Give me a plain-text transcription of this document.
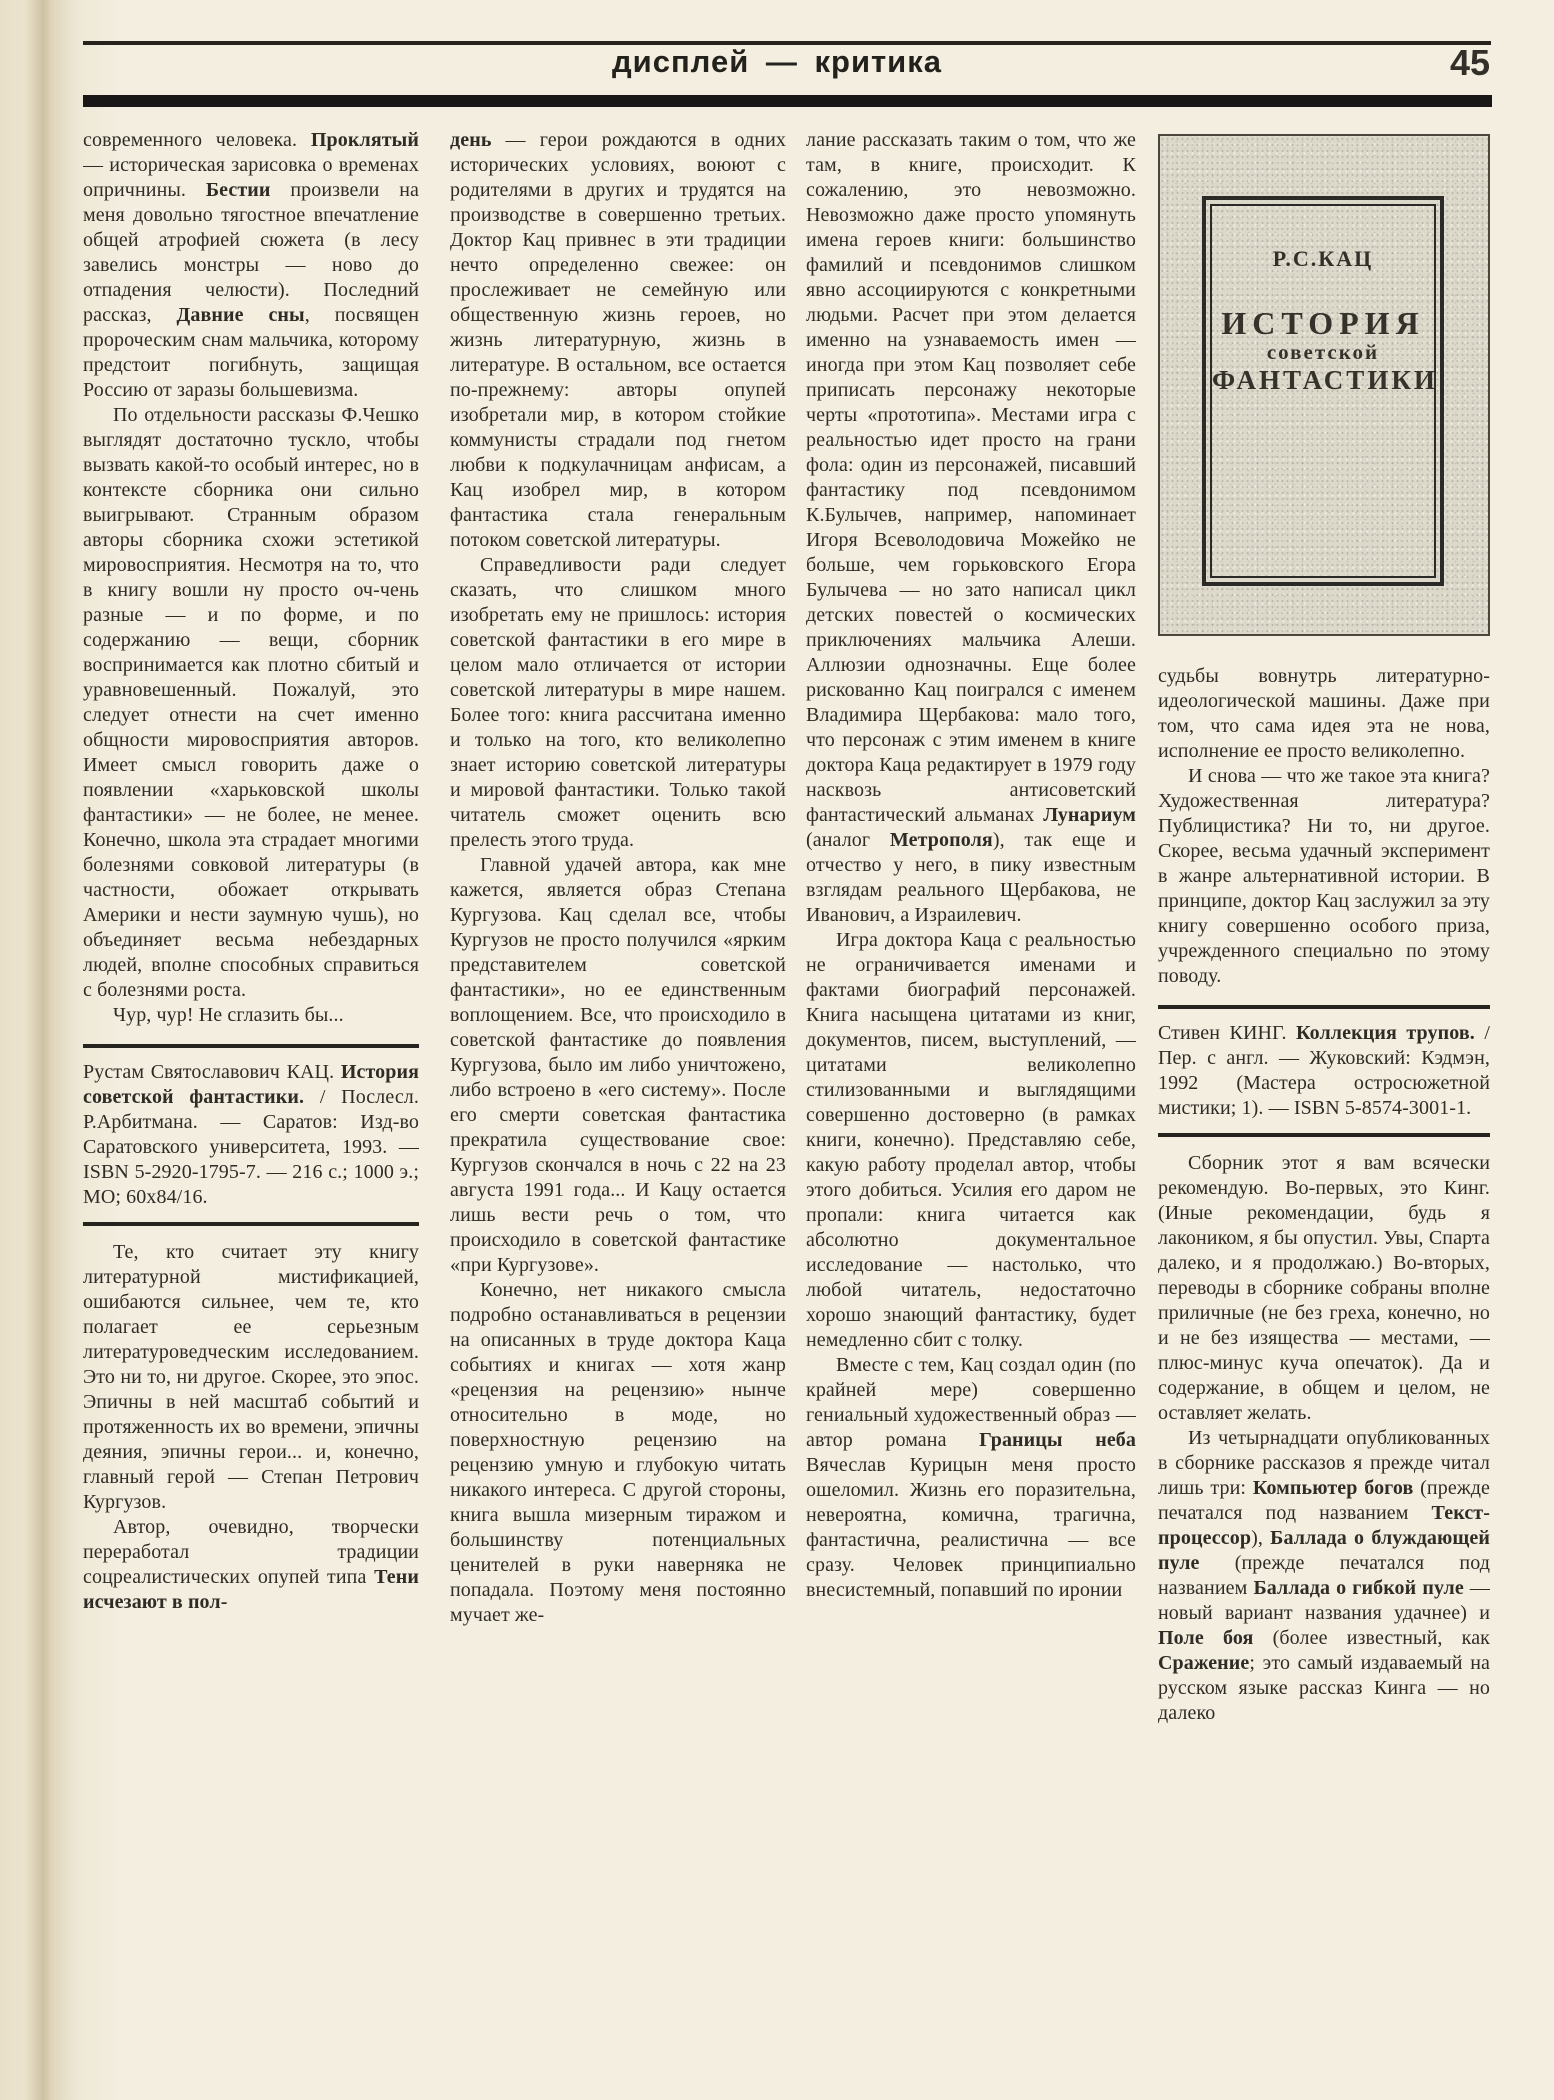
дисплей — критика	45

современного человека. Проклятый — историческая зарисовка о временах опричнины. Бестии произвели на меня довольно тягостное впечатление общей атрофией сюжета (в лесу завелись монстры — ново до отпадения челюсти). Последний рассказ, Давние сны, посвящен пророческим снам мальчика, которому предстоит погибнуть, защищая Россию от заразы большевизма.

По отдельности рассказы Ф.Чешко выглядят достаточно тускло, чтобы вызвать какой-то особый интерес, но в контексте сборника они сильно выигрывают. Странным образом авторы сборника схожи эстетикой мировосприятия. Несмотря на то, что в книгу вошли ну просто оч-чень разные — и по форме, и по содержанию — вещи, сборник воспринимается как плотно сбитый и уравновешенный. Пожалуй, это следует отнести на счет именно общности мировосприятия авторов. Имеет смысл говорить даже о появлении «харьковской школы фантастики» — не более, не менее. Конечно, школа эта страдает многими болезнями совковой литературы (в частности, обожает открывать Америки и нести заумную чушь), но объединяет весьма небездарных людей, вполне способных справиться с болезнями роста.

Чур, чур! Не сглазить бы...

Рустам Святославович КАЦ. История советской фантастики. / Послесл. Р.Арбитмана. — Саратов: Изд-во Саратовского университета, 1993. — ISBN 5-2920-1795-7. — 216 с.; 1000 э.; МО; 60х84/16.

Те, кто считает эту книгу литературной мистификацией, ошибаются сильнее, чем те, кто полагает ее серьезным литературоведческим исследованием. Это ни то, ни другое. Скорее, это эпос. Эпичны в ней масштаб событий и протяженность их во времени, эпичны деяния, эпичны герои... и, конечно, главный герой — Степан Петрович Кургузов.

Автор, очевидно, творчески переработал традиции соцреалистических опупей типа Тени исчезают в пол-

день — герои рождаются в одних исторических условиях, воюют с родителями в других и трудятся на производстве в совершенно третьих. Доктор Кац привнес в эти традиции нечто определенно свежее: он прослеживает не семейную или общественную жизнь героев, но жизнь литературную, жизнь в литературе. В остальном, все остается по-прежнему: авторы опупей изобретали мир, в котором стойкие коммунисты страдали под гнетом любви к подкулачницам анфисам, а Кац изобрел мир, в котором фантастика стала генеральным потоком советской литературы.

Справедливости ради следует сказать, что слишком много изобретать ему не пришлось: история советской фантастики в его мире в целом мало отличается от истории советской литературы в мире нашем. Более того: книга рассчитана именно и только на того, кто великолепно знает историю советской литературы и мировой фантастики. Только такой читатель сможет оценить всю прелесть этого труда.

Главной удачей автора, как мне кажется, является образ Степана Кургузова. Кац сделал все, чтобы Кургузов не просто получился «ярким представителем советской фантастики», но ее единственным воплощением. Все, что происходило в советской фантастике до появления Кургузова, было им либо уничтожено, либо встроено в «его систему». После его смерти советская фантастика прекратила существование свое: Кургузов скончался в ночь с 22 на 23 августа 1991 года... И Кацу остается лишь вести речь о том, что происходило в советской фантастике «при Кургузове».

Конечно, нет никакого смысла подробно останавливаться в рецензии на описанных в труде доктора Каца событиях и книгах — хотя жанр «рецензия на рецензию» нынче относительно в моде, но поверхностную рецензию на рецензию умную и глубокую читать никакого интереса. С другой стороны, книга вышла мизерным тиражом и большинству потенциальных ценителей в руки наверняка не попадала. Поэтому меня постоянно мучает же-

лание рассказать таким о том, что же там, в книге, происходит. К сожалению, это невозможно. Невозможно даже просто упомянуть имена героев книги: большинство фамилий и псевдонимов слишком явно ассоциируются с конкретными людьми. Расчет при этом делается именно на узнаваемость имен — иногда при этом Кац позволяет себе приписать персонажу некоторые черты «прототипа». Местами игра с реальностью идет просто на грани фола: один из персонажей, писавший фантастику под псевдонимом К.Булычев, например, напоминает Игоря Всеволодовича Можейко не больше, чем горьковского Егора Булычева — но зато написал цикл детских повестей о космических приключениях мальчика Алеши. Аллюзии однозначны. Еще более рискованно Кац поигрался с именем Владимира Щербакова: мало того, что персонаж с этим именем в книге доктора Каца редактирует в 1979 году насквозь антисоветский фантастический альманах Лунариум (аналог Метрополя), так еще и отчество у него, в пику известным взглядам реального Щербакова, не Иванович, а Израилевич.

Игра доктора Каца с реальностью не ограничивается именами и фактами биографий персонажей. Книга насыщена цитатами из книг, документов, писем, выступлений, — цитатами великолепно стилизованными и выглядящими совершенно достоверно (в рамках книги, конечно). Представляю себе, какую работу проделал автор, чтобы этого добиться. Усилия его даром не пропали: книга читается как абсолютно документальное исследование — настолько, что любой читатель, недостаточно хорошо знающий фантастику, будет немедленно сбит с толку.

Вместе с тем, Кац создал один (по крайней мере) совершенно гениальный художественный образ — автор романа Границы неба Вячеслав Курицын меня просто ошеломил. Жизнь его поразительна, невероятна, комична, трагична, фантастична, реалистична — все сразу. Человек принципиально внесистемный, попавший по иронии

Р.С.КАЦ
ИСТОРИЯ
советской
ФАНТАСТИКИ

судьбы вовнутрь литературно-идеологической машины. Даже при том, что сама идея эта не нова, исполнение ее просто великолепно.

И снова — что же такое эта книга? Художественная литература? Публицистика? Ни то, ни другое. Скорее, весьма удачный эксперимент в жанре альтернативной истории. В принципе, доктор Кац заслужил за эту книгу совершенно особого приза, учрежденного специально по этому поводу.

Стивен КИНГ. Коллекция трупов. / Пер. с англ. — Жуковский: Кэдмэн, 1992 (Мастера остросюжетной мистики; 1). — ISBN 5-8574-3001-1.

Сборник этот я вам всячески рекомендую. Во-первых, это Кинг. (Иные рекомендации, будь я лакоником, я бы опустил. Увы, Спарта далеко, и я продолжаю.) Во-вторых, переводы в сборнике собраны вполне приличные (не без греха, конечно, но и не без изящества — местами, — плюс-минус куча опечаток). Да и содержание, в общем и целом, не оставляет желать.

Из четырнадцати опубликованных в сборнике рассказов я прежде читал лишь три: Компьютер богов (прежде печатался под названием Текст-процессор), Баллада о блуждающей пуле (прежде печатался под названием Баллада о гибкой пуле — новый вариант названия удачнее) и Поле боя (более известный, как Сражение; это самый издаваемый на русском языке рассказ Кинга — но далеко
